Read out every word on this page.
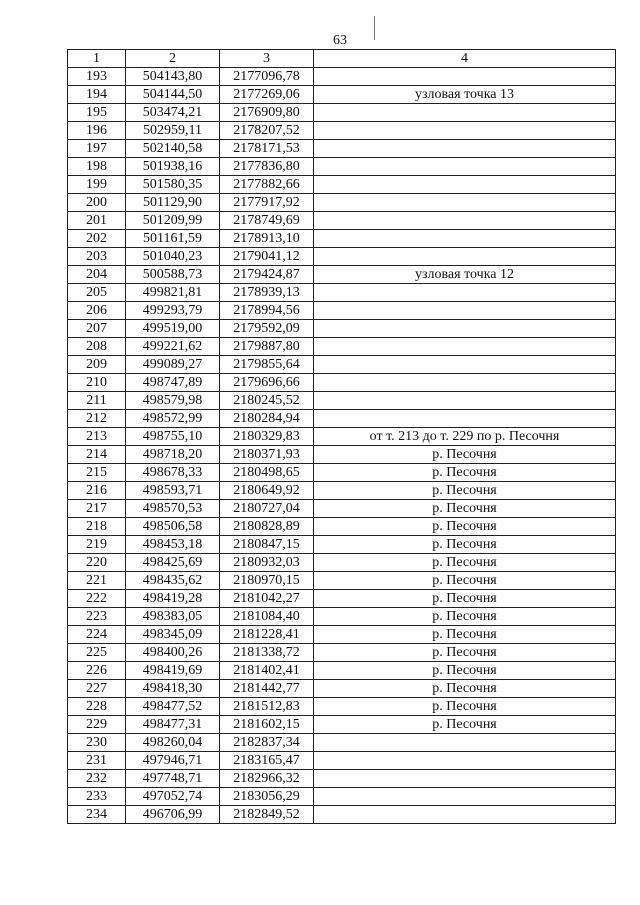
63
1	2	3	4
193	504143,80	2177096,78	
194	504144,50	2177269,06	узловая точка 13
195	503474,21	2176909,80	
196	502959,11	2178207,52	
197	502140,58	2178171,53	
198	501938,16	2177836,80	
199	501580,35	2177882,66	
200	501129,90	2177917,92	
201	501209,99	2178749,69	
202	501161,59	2178913,10	
203	501040,23	2179041,12	
204	500588,73	2179424,87	узловая точка 12
205	499821,81	2178939,13	
206	499293,79	2178994,56	
207	499519,00	2179592,09	
208	499221,62	2179887,80	
209	499089,27	2179855,64	
210	498747,89	2179696,66	
211	498579,98	2180245,52	
212	498572,99	2180284,94	
213	498755,10	2180329,83	от т. 213 до т. 229 по р. Песочня
214	498718,20	2180371,93	р. Песочня
215	498678,33	2180498,65	р. Песочня
216	498593,71	2180649,92	р. Песочня
217	498570,53	2180727,04	р. Песочня
218	498506,58	2180828,89	р. Песочня
219	498453,18	2180847,15	р. Песочня
220	498425,69	2180932,03	р. Песочня
221	498435,62	2180970,15	р. Песочня
222	498419,28	2181042,27	р. Песочня
223	498383,05	2181084,40	р. Песочня
224	498345,09	2181228,41	р. Песочня
225	498400,26	2181338,72	р. Песочня
226	498419,69	2181402,41	р. Песочня
227	498418,30	2181442,77	р. Песочня
228	498477,52	2181512,83	р. Песочня
229	498477,31	2181602,15	р. Песочня
230	498260,04	2182837,34	
231	497946,71	2183165,47	
232	497748,71	2182966,32	
233	497052,74	2183056,29	
234	496706,99	2182849,52	
